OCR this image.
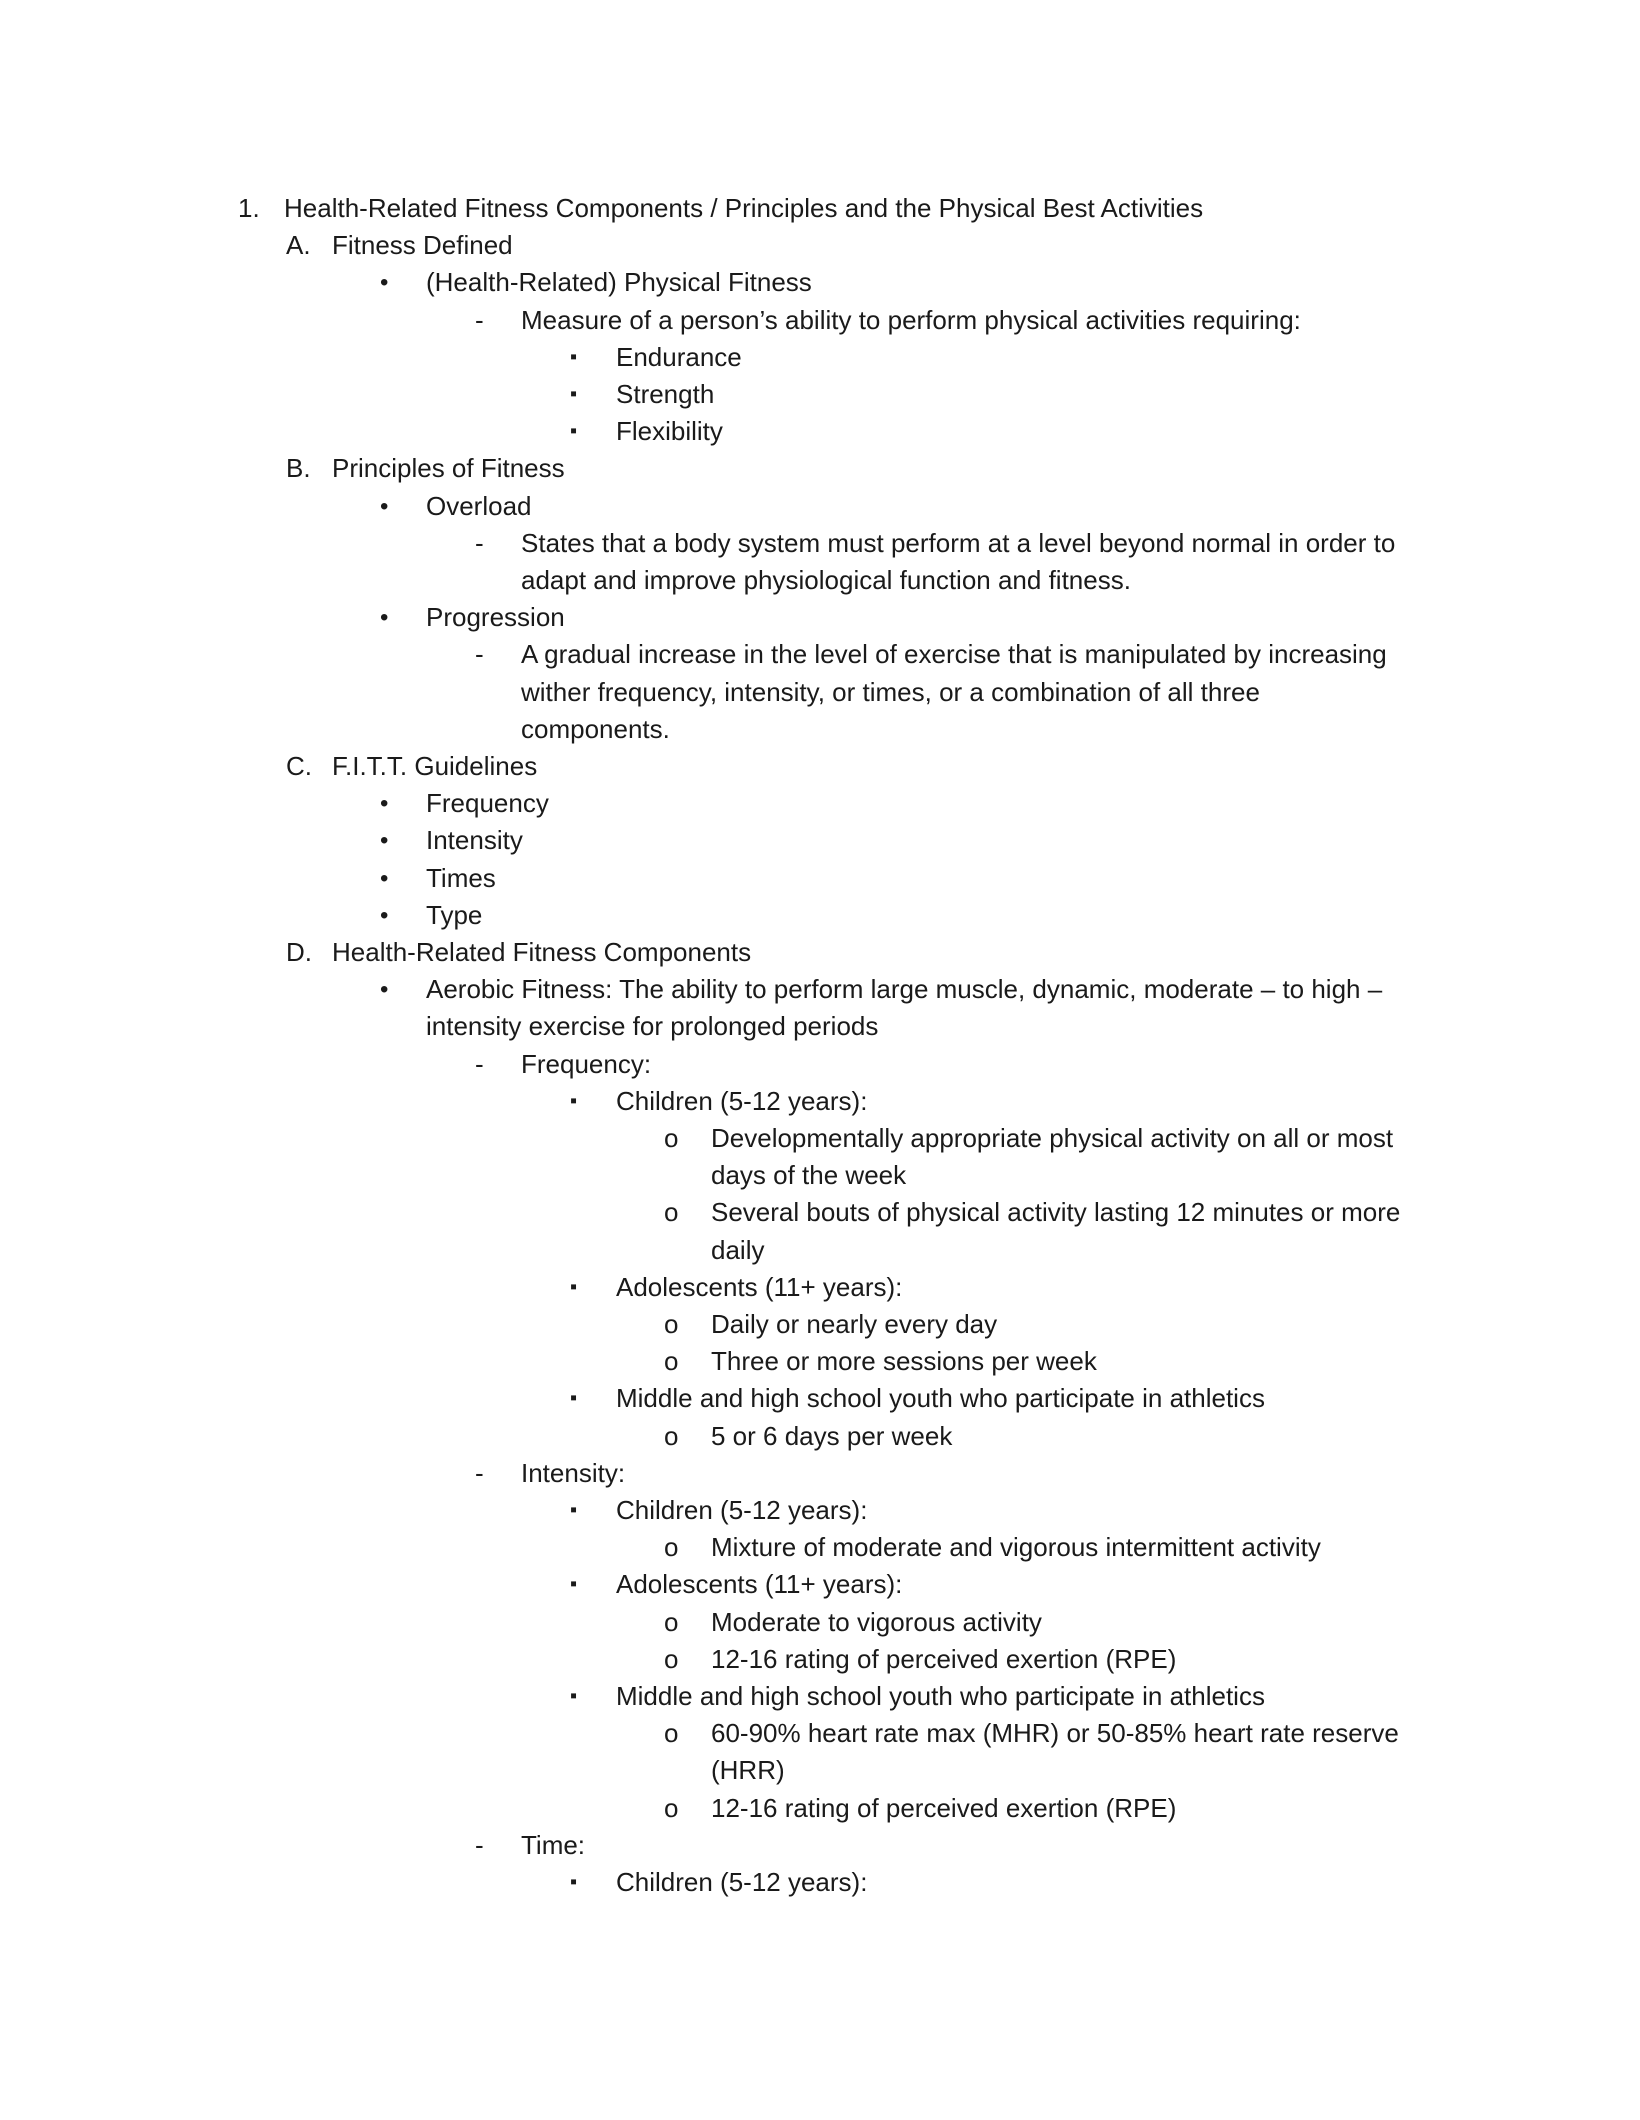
1. Health-Related Fitness Components / Principles and the Physical Best Activities
A. Fitness Defined
• (Health-Related) Physical Fitness
- Measure of a person’s ability to perform physical activities requiring:
▪ Endurance
▪ Strength
▪ Flexibility
B. Principles of Fitness
• Overload
- States that a body system must perform at a level beyond normal in order to
adapt and improve physiological function and fitness.
• Progression
- A gradual increase in the level of exercise that is manipulated by increasing
wither frequency, intensity, or times, or a combination of all three
components.
C. F.I.T.T. Guidelines
• Frequency
• Intensity
• Times
• Type
D. Health-Related Fitness Components
• Aerobic Fitness: The ability to perform large muscle, dynamic, moderate – to high –
intensity exercise for prolonged periods
- Frequency:
▪ Children (5-12 years):
o Developmentally appropriate physical activity on all or most
days of the week
o Several bouts of physical activity lasting 12 minutes or more
daily
▪ Adolescents (11+ years):
o Daily or nearly every day
o Three or more sessions per week
▪ Middle and high school youth who participate in athletics
o 5 or 6 days per week
- Intensity:
▪ Children (5-12 years):
o Mixture of moderate and vigorous intermittent activity
▪ Adolescents (11+ years):
o Moderate to vigorous activity
o 12-16 rating of perceived exertion (RPE)
▪ Middle and high school youth who participate in athletics
o 60-90% heart rate max (MHR) or 50-85% heart rate reserve
(HRR)
o 12-16 rating of perceived exertion (RPE)
- Time:
▪ Children (5-12 years):
